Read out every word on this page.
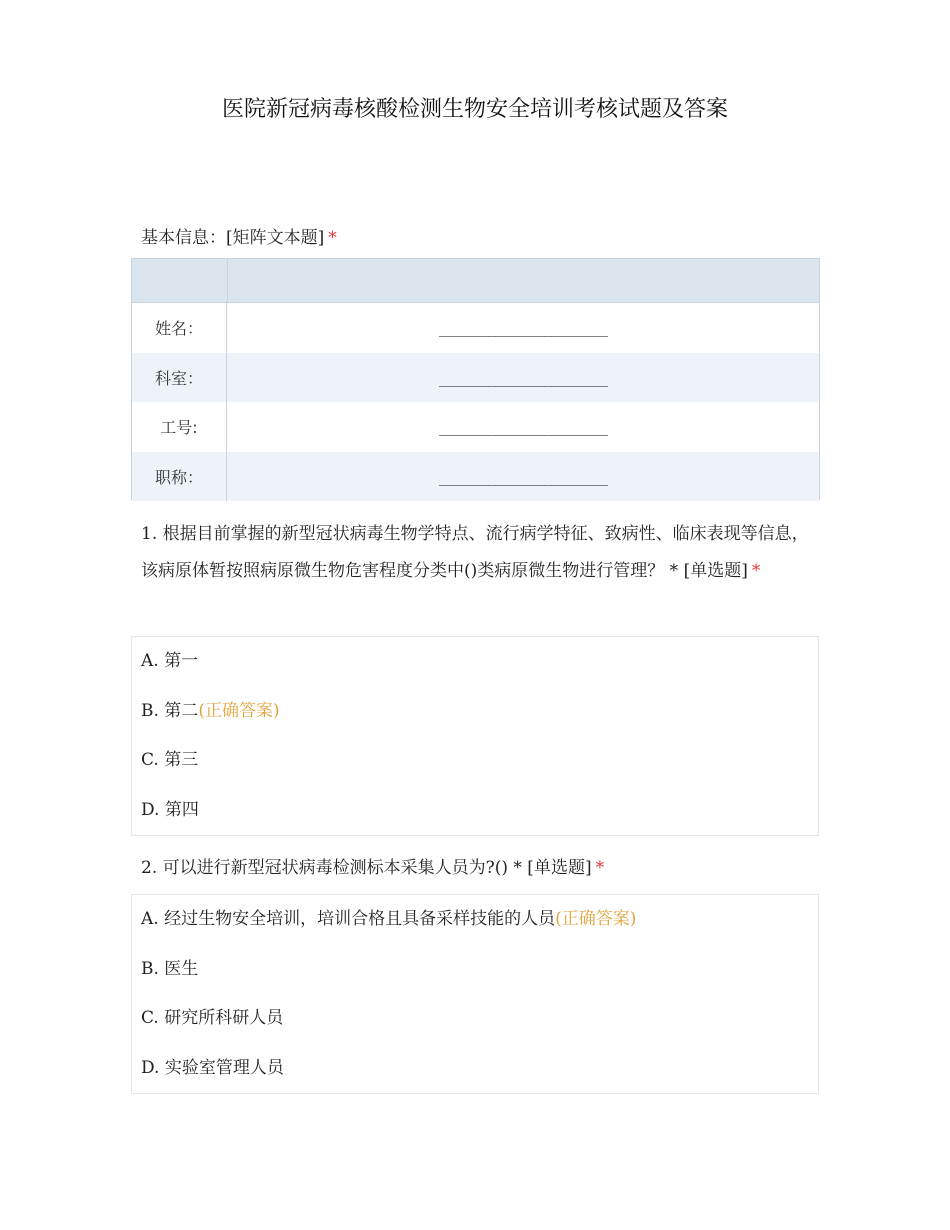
医院新冠病毒核酸检测生物安全培训考核试题及答案
基本信息：[矩阵文本题] *
姓名：	________________________
科室：	________________________
工号:	________________________
职称：	________________________
1. 根据目前掌握的新型冠状病毒生物学特点、流行病学特征、致病性、临床表现等信息，该病原体暂按照病原微生物危害程度分类中()类病原微生物进行管理？ * [单选题] *
A. 第一
B. 第二(正确答案)
C. 第三
D. 第四
2. 可以进行新型冠状病毒检测标本采集人员为?() * [单选题] *
A. 经过生物安全培训，培训合格且具备采样技能的人员(正确答案)
B. 医生
C. 研究所科研人员
D. 实验室管理人员
